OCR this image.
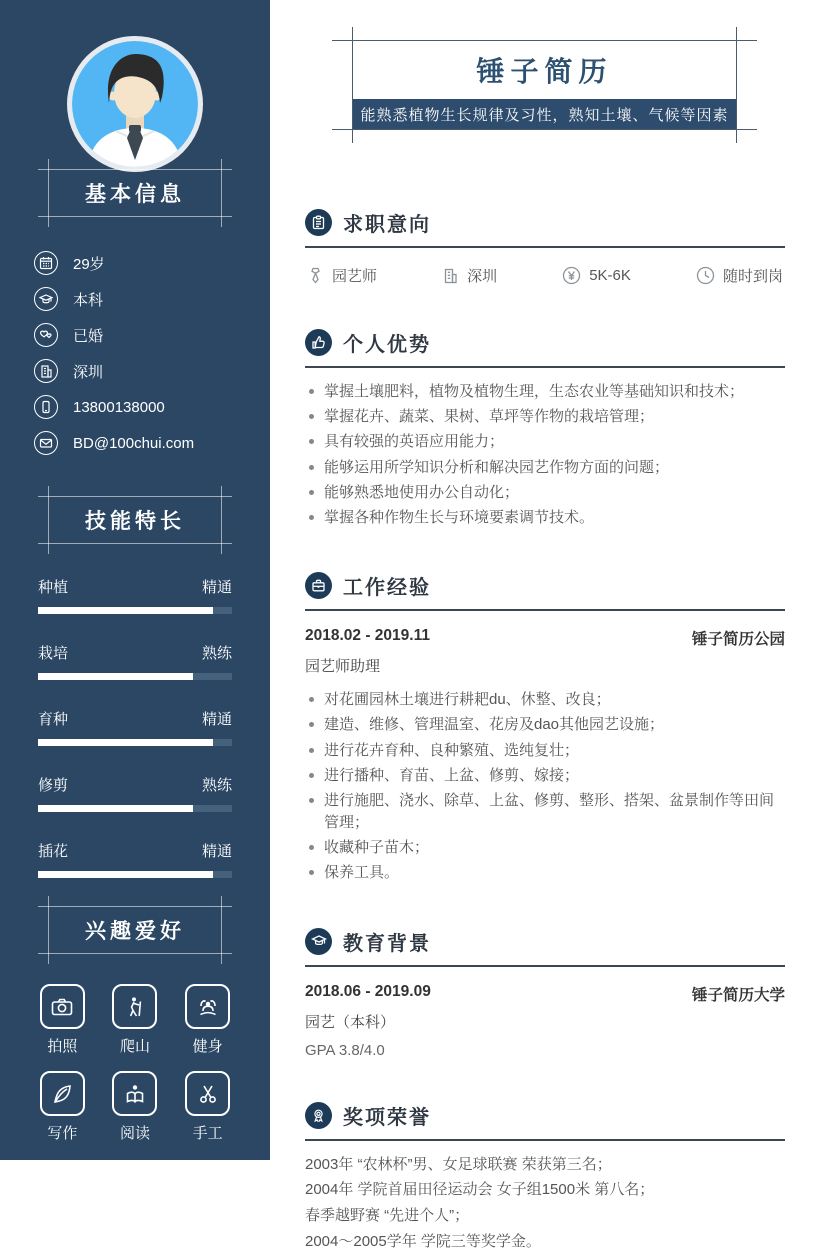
基本信息
29岁
本科
已婚
深圳
13800138000
BD@100chui.com
技能特长
种植	精通
栽培	熟练
育种	精通
修剪	熟练
插花	精通
兴趣爱好
拍照	爬山	健身
写作	阅读	手工
锤子简历
能熟悉植物生长规律及习性，熟知土壤、气候等因素
求职意向
园艺师	深圳	5K-6K	随时到岗
个人优势
掌握土壤肥料，植物及植物生理，生态农业等基础知识和技术；
掌握花卉、蔬菜、果树、草坪等作物的栽培管理；
具有较强的英语应用能力；
能够运用所学知识分析和解决园艺作物方面的问题；
能够熟悉地使用办公自动化；
掌握各种作物生长与环境要素调节技术。
工作经验
2018.02 - 2019.11	锤子简历公园
园艺师助理
对花圃园林土壤进行耕耙du、休整、改良；
建造、维修、管理温室、花房及dao其他园艺设施；
进行花卉育种、良种繁殖、选纯复壮；
进行播种、育苗、上盆、修剪、嫁接；
进行施肥、浇水、除草、上盆、修剪、整形、搭架、盆景制作等田间管理；
收藏种子苗木；
保养工具。
教育背景
2018.06 - 2019.09	锤子简历大学
园艺（本科）
GPA 3.8/4.0
奖项荣誉

2003年 “农林杯”男、女足球联赛 荣获第三名；

2004年 学院首届田径运动会 女子组1500米 第八名；

春季越野赛 “先进个人”；

2004～2005学年 学院三等奖学金。
